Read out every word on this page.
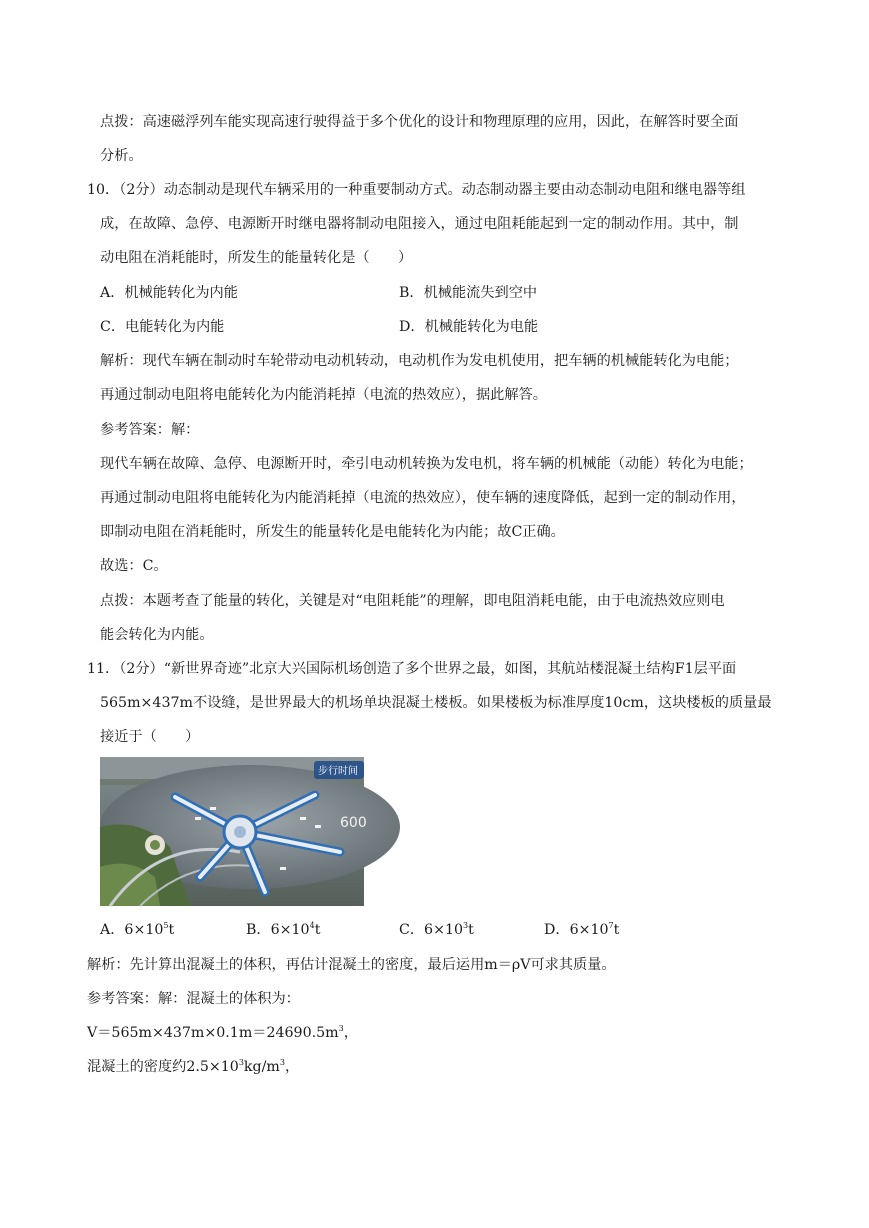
点拨：高速磁浮列车能实现高速行驶得益于多个优化的设计和物理原理的应用，因此，在解答时要全面
分析。
10．（2分）动态制动是现代车辆采用的一种重要制动方式。动态制动器主要由动态制动电阻和继电器等组
成，在故障、急停、电源断开时继电器将制动电阻接入，通过电阻耗能起到一定的制动作用。其中，制
动电阻在消耗能时，所发生的能量转化是（　　）
A．机械能转化为内能	B．机械能流失到空中
C．电能转化为内能	D．机械能转化为电能
解析：现代车辆在制动时车轮带动电动机转动，电动机作为发电机使用，把车辆的机械能转化为电能；
再通过制动电阻将电能转化为内能消耗掉（电流的热效应），据此解答。
参考答案：解：
现代车辆在故障、急停、电源断开时，牵引电动机转换为发电机，将车辆的机械能（动能）转化为电能；
再通过制动电阻将电能转化为内能消耗掉（电流的热效应），使车辆的速度降低，起到一定的制动作用，
即制动电阻在消耗能时，所发生的能量转化是电能转化为内能；故C正确。
故选：C。
点拨：本题考查了能量的转化，关键是对“电阻耗能”的理解，即电阻消耗电能，由于电流热效应则电
能会转化为内能。
11．（2分）“新世界奇迹”北京大兴国际机场创造了多个世界之最，如图，其航站楼混凝土结构F1层平面
565m×437m不设缝，是世界最大的机场单块混凝土楼板。如果楼板为标准厚度10cm，这块楼板的质量最
接近于（　　）
步行时间
600
A．$6\times 10^5t$	B．$6\times 10^4t$	C．$6\times 10^3t$	D．$6\times 10^7t$
解析：先计算出混凝土的体积，再估计混凝土的密度，最后运用m＝ρV可求其质量。
参考答案：解：混凝土的体积为：
$V=565m\times 437m\times 0.1m=24690.5m^3$，
混凝土的密度约$2.5\times 10^3kg/m^3$，
